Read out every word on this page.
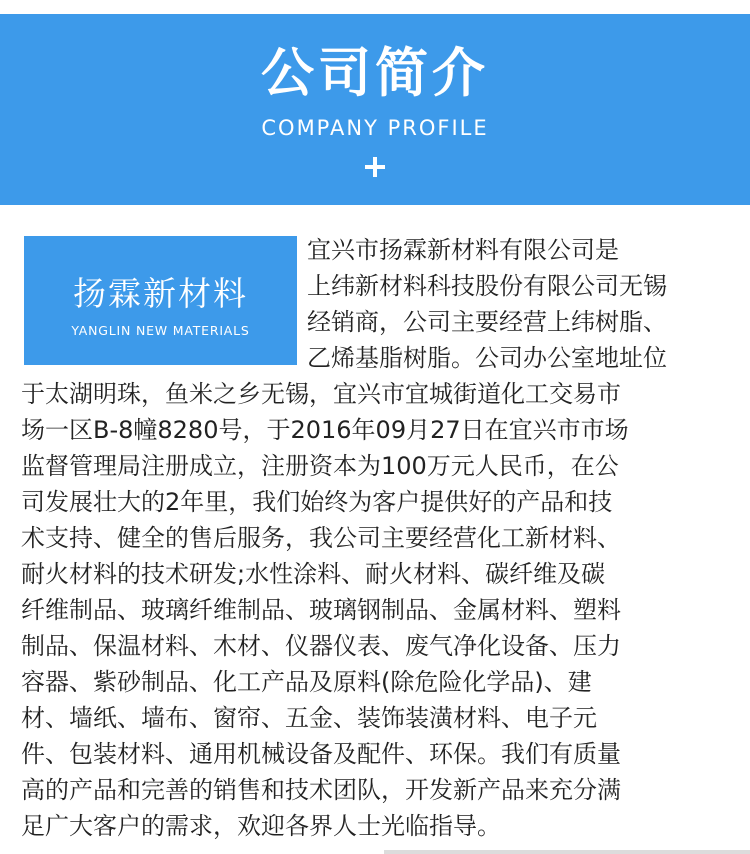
公司简介
COMPANY PROFILE
扬霖新材料
YANGLIN NEW MATERIALS
宜兴市扬霖新材料有限公司是
上纬新材料科技股份有限公司无锡
经销商，公司主要经营上纬树脂、
乙烯基脂树脂。公司办公室地址位
于太湖明珠，鱼米之乡无锡，宜兴市宜城街道化工交易市
场一区B-8幢8280号，于2016年09月27日在宜兴市市场
监督管理局注册成立，注册资本为100万元人民币，在公
司发展壮大的2年里，我们始终为客户提供好的产品和技
术支持、健全的售后服务，我公司主要经营化工新材料、
耐火材料的技术研发;水性涂料、耐火材料、碳纤维及碳
纤维制品、玻璃纤维制品、玻璃钢制品、金属材料、塑料
制品、保温材料、木材、仪器仪表、废气净化设备、压力
容器、紫砂制品、化工产品及原料(除危险化学品)、建
材、墙纸、墙布、窗帘、五金、装饰装潢材料、电子元
件、包装材料、通用机械设备及配件、环保。我们有质量
高的产品和完善的销售和技术团队，开发新产品来充分满
足广大客户的需求，欢迎各界人士光临指导。
